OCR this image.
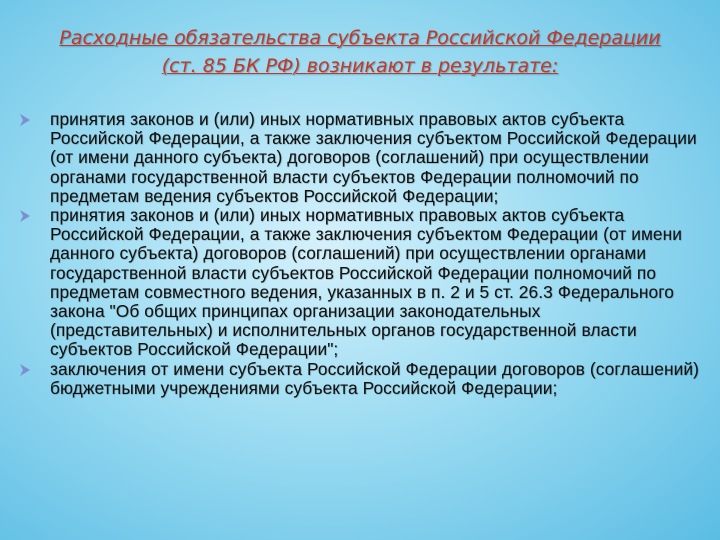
Расходные обязательства субъекта Российской Федерации
(ст. 85 БК РФ) возникают в результате:
принятия законов и (или) иных нормативных правовых актов субъекта Российской Федерации, а также заключения субъектом Российской Федерации (от имени данного субъекта) договоров (соглашений) при осуществлении органами государственной власти субъектов Федерации полномочий по предметам ведения субъектов Российской Федерации;
принятия законов и (или) иных нормативных правовых актов субъекта Российской Федерации, а также заключения субъектом Федерации (от имени данного субъекта) договоров (соглашений) при осуществлении органами государственной власти субъектов Российской Федерации полномочий по предметам совместного ведения, указанных в п. 2 и 5 ст. 26.3 Федерального закона "Об общих принципах организации законодательных (представительных) и исполнительных органов государственной власти субъектов Российской Федерации";
заключения от имени субъекта Российской Федерации договоров (соглашений) бюджетными учреждениями субъекта Российской Федерации;
